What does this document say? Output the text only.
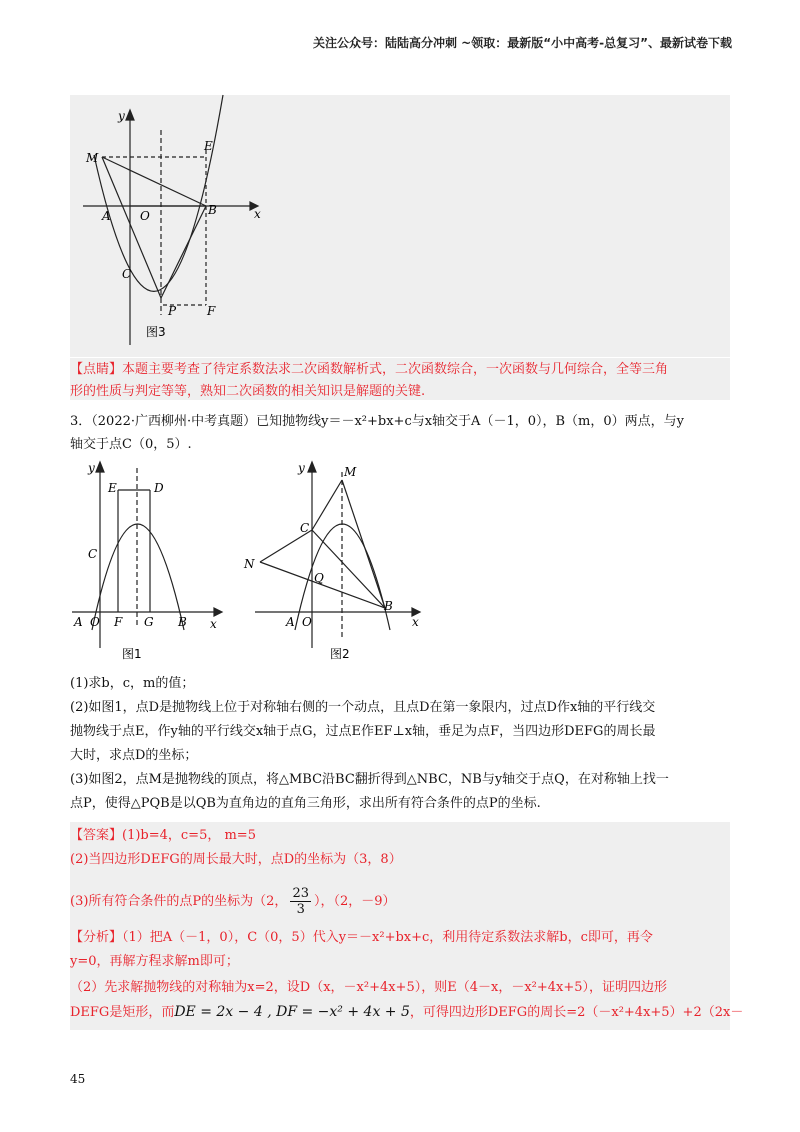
关注公众号：陆陆高分冲刺 ~领取：最新版“小中高考-总复习”、最新试卷下载
y
x
M
E
A O	B
C
P	F
图3
【点睛】本题主要考查了待定系数法求二次函数解析式，二次函数综合，一次函数与几何综合，全等三角
形的性质与判定等等，熟知二次函数的相关知识是解题的关键.
3．（2022·广西柳州·中考真题）已知抛物线y＝－x²+bx+c与x轴交于A（－1，0），B（m，0）两点，与y
轴交于点C（0，5）.
y
x
E	D
C
A O F G B
图1
y
x
M
C
N
Q
B
A O
图2
(1)求b，c，m的值；
(2)如图1，点D是抛物线上位于对称轴右侧的一个动点，且点D在第一象限内，过点D作x轴的平行线交
抛物线于点E，作y轴的平行线交x轴于点G，过点E作EF⊥x轴，垂足为点F，当四边形DEFG的周长最
大时，求点D的坐标；
(3)如图2，点M是抛物线的顶点，将△MBC沿BC翻折得到△NBC，NB与y轴交于点Q，在对称轴上找一
点P，使得△PQB是以QB为直角边的直角三角形，求出所有符合条件的点P的坐标.
【答案】(1)b=4，c=5， m=5
(2)当四边形DEFG的周长最大时，点D的坐标为（3，8）
(3)所有符合条件的点P的坐标为（2， $\frac{23}{3}$ ），（2，－9）
【分析】（1）把A（－1，0），C（0，5）代入y＝－x²+bx+c，利用待定系数法求解b，c即可，再令
y=0，再解方程求解m即可；
（2）先求解抛物线的对称轴为x=2，设D（x，－x²+4x+5），则E（4－x，－x²+4x+5），证明四边形
DEFG是矩形，而DE = 2x − 4 , DF = −x² + 4x + 5，可得四边形DEFG的周长=2（－x²+4x+5）+2（2x－
45
